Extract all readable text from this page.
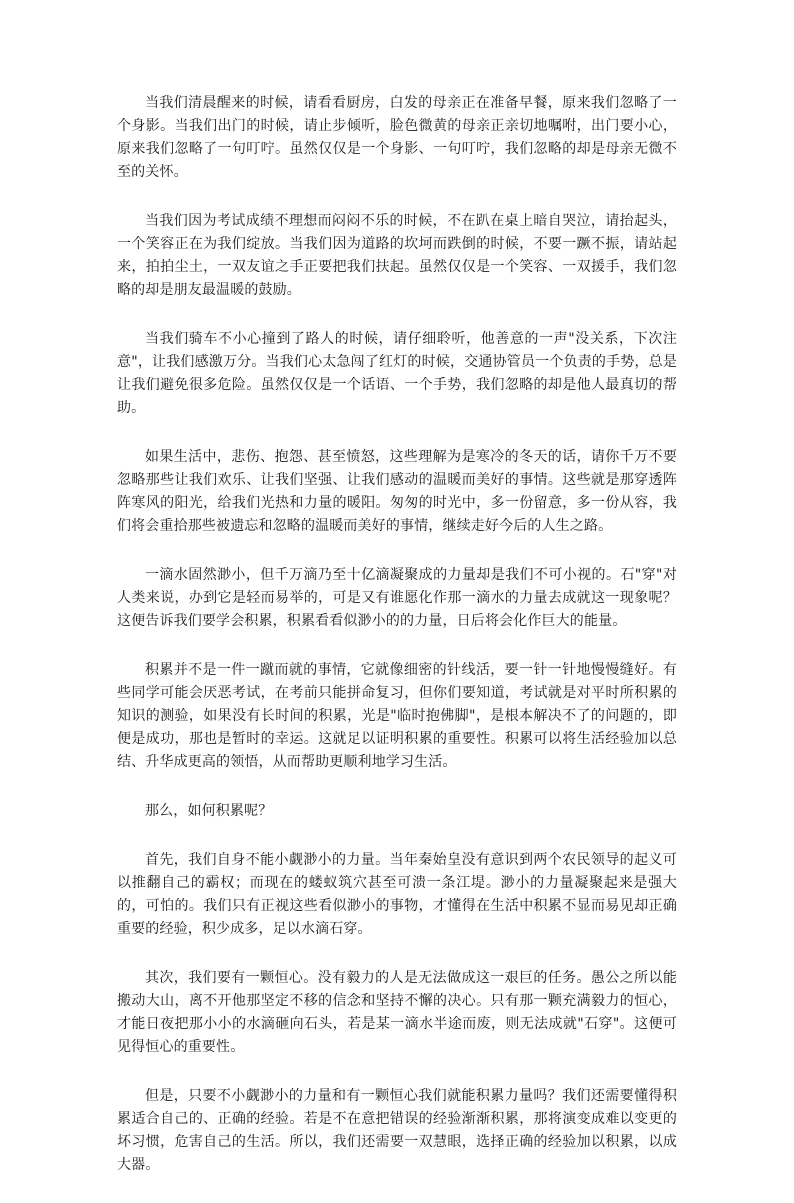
当我们清晨醒来的时候，请看看厨房，白发的母亲正在准备早餐，原来我们忽略了一个身影。当我们出门的时候，请止步倾听，脸色微黄的母亲正亲切地嘱咐，出门要小心，原来我们忽略了一句叮咛。虽然仅仅是一个身影、一句叮咛，我们忽略的却是母亲无微不至的关怀。

当我们因为考试成绩不理想而闷闷不乐的时候，不在趴在桌上暗自哭泣，请抬起头，一个笑容正在为我们绽放。当我们因为道路的坎坷而跌倒的时候，不要一蹶不振，请站起来，拍拍尘土，一双友谊之手正要把我们扶起。虽然仅仅是一个笑容、一双援手，我们忽略的却是朋友最温暖的鼓励。

当我们骑车不小心撞到了路人的时候，请仔细聆听，他善意的一声"没关系，下次注意"，让我们感激万分。当我们心太急闯了红灯的时候，交通协管员一个负责的手势，总是让我们避免很多危险。虽然仅仅是一个话语、一个手势，我们忽略的却是他人最真切的帮助。

如果生活中，悲伤、抱怨、甚至愤怒，这些理解为是寒冷的冬天的话，请你千万不要忽略那些让我们欢乐、让我们坚强、让我们感动的温暖而美好的事情。这些就是那穿透阵阵寒风的阳光，给我们光热和力量的暖阳。匆匆的时光中，多一份留意，多一份从容，我们将会重拾那些被遗忘和忽略的温暖而美好的事情，继续走好今后的人生之路。

一滴水固然渺小，但千万滴乃至十亿滴凝聚成的力量却是我们不可小视的。石"穿"对人类来说，办到它是轻而易举的，可是又有谁愿化作那一滴水的力量去成就这一现象呢？这便告诉我们要学会积累，积累看看似渺小的的力量，日后将会化作巨大的能量。

积累并不是一件一蹴而就的事情，它就像细密的针线活，要一针一针地慢慢缝好。有些同学可能会厌恶考试，在考前只能拼命复习，但你们要知道，考试就是对平时所积累的知识的测验，如果没有长时间的积累，光是"临时抱佛脚"，是根本解决不了的问题的，即便是成功，那也是暂时的幸运。这就足以证明积累的重要性。积累可以将生活经验加以总结、升华成更高的领悟，从而帮助更顺利地学习生活。

那么，如何积累呢？

首先，我们自身不能小觑渺小的力量。当年秦始皇没有意识到两个农民领导的起义可以推翻自己的霸权；而现在的蝼蚁筑穴甚至可溃一条江堤。渺小的力量凝聚起来是强大的，可怕的。我们只有正视这些看似渺小的事物，才懂得在生活中积累不显而易见却正确重要的经验，积少成多，足以水滴石穿。

其次，我们要有一颗恒心。没有毅力的人是无法做成这一艰巨的任务。愚公之所以能搬动大山，离不开他那坚定不移的信念和坚持不懈的决心。只有那一颗充满毅力的恒心，才能日夜把那小小的水滴砸向石头，若是某一滴水半途而废，则无法成就"石穿"。这便可见得恒心的重要性。

但是，只要不小觑渺小的力量和有一颗恒心我们就能积累力量吗？我们还需要懂得积累适合自己的、正确的经验。若是不在意把错误的经验渐渐积累，那将演变成难以变更的坏习惯，危害自己的生活。所以，我们还需要一双慧眼，选择正确的经验加以积累，以成大器。
